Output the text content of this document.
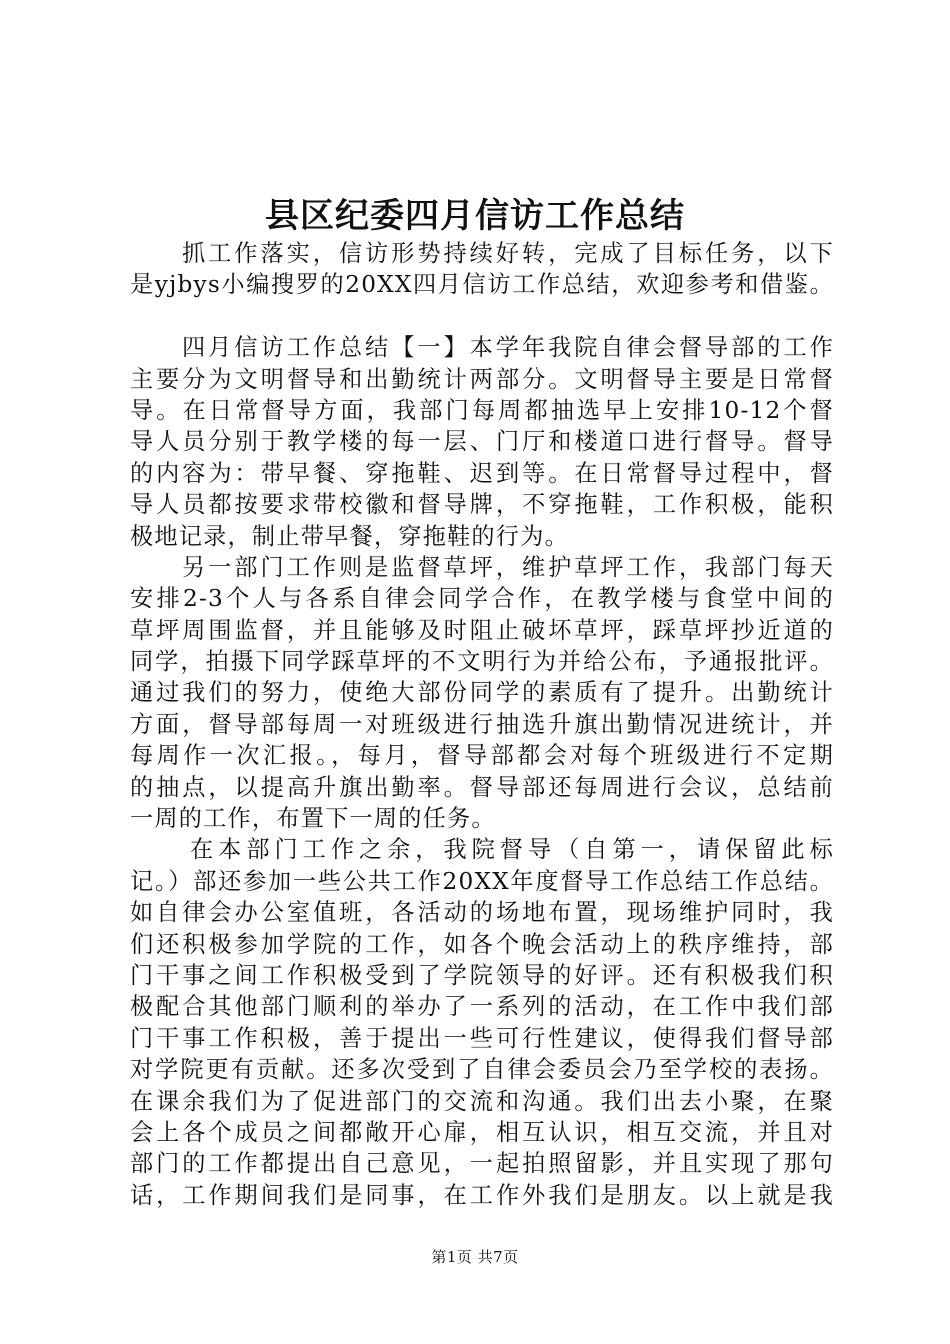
县区纪委四月信访工作总结
抓工作落实，信访形势持续好转，完成了目标任务，以下
是yjbys小编搜罗的20XX四月信访工作总结，欢迎参考和借鉴。
四月信访工作总结【一】本学年我院自律会督导部的工作
主要分为文明督导和出勤统计两部分。文明督导主要是日常督
导。在日常督导方面，我部门每周都抽选早上安排10-12个督
导人员分别于教学楼的每一层、门厅和楼道口进行督导。督导
的内容为：带早餐、穿拖鞋、迟到等。在日常督导过程中，督
导人员都按要求带校徽和督导牌，不穿拖鞋，工作积极，能积
极地记录，制止带早餐，穿拖鞋的行为。
另一部门工作则是监督草坪，维护草坪工作，我部门每天
安排2-3个人与各系自律会同学合作，在教学楼与食堂中间的
草坪周围监督，并且能够及时阻止破坏草坪，踩草坪抄近道的
同学，拍摄下同学踩草坪的不文明行为并给公布，予通报批评。
通过我们的努力，使绝大部份同学的素质有了提升。出勤统计
方面，督导部每周一对班级进行抽选升旗出勤情况进统计，并
每周作一次汇报。，每月，督导部都会对每个班级进行不定期
的抽点，以提高升旗出勤率。督导部还每周进行会议，总结前
一周的工作，布置下一周的任务。
在本部门工作之余，我院督导（自第一，请保留此标
记。）部还参加一些公共工作20XX年度督导工作总结工作总结。
如自律会办公室值班，各活动的场地布置，现场维护同时，我
们还积极参加学院的工作，如各个晚会活动上的秩序维持，部
门干事之间工作积极受到了学院领导的好评。还有积极我们积
极配合其他部门顺利的举办了一系列的活动，在工作中我们部
门干事工作积极，善于提出一些可行性建议，使得我们督导部
对学院更有贡献。还多次受到了自律会委员会乃至学校的表扬。
在课余我们为了促进部门的交流和沟通。我们出去小聚，在聚
会上各个成员之间都敞开心扉，相互认识，相互交流，并且对
部门的工作都提出自己意见，一起拍照留影，并且实现了那句
话，工作期间我们是同事，在工作外我们是朋友。以上就是我
第1页 共7页
